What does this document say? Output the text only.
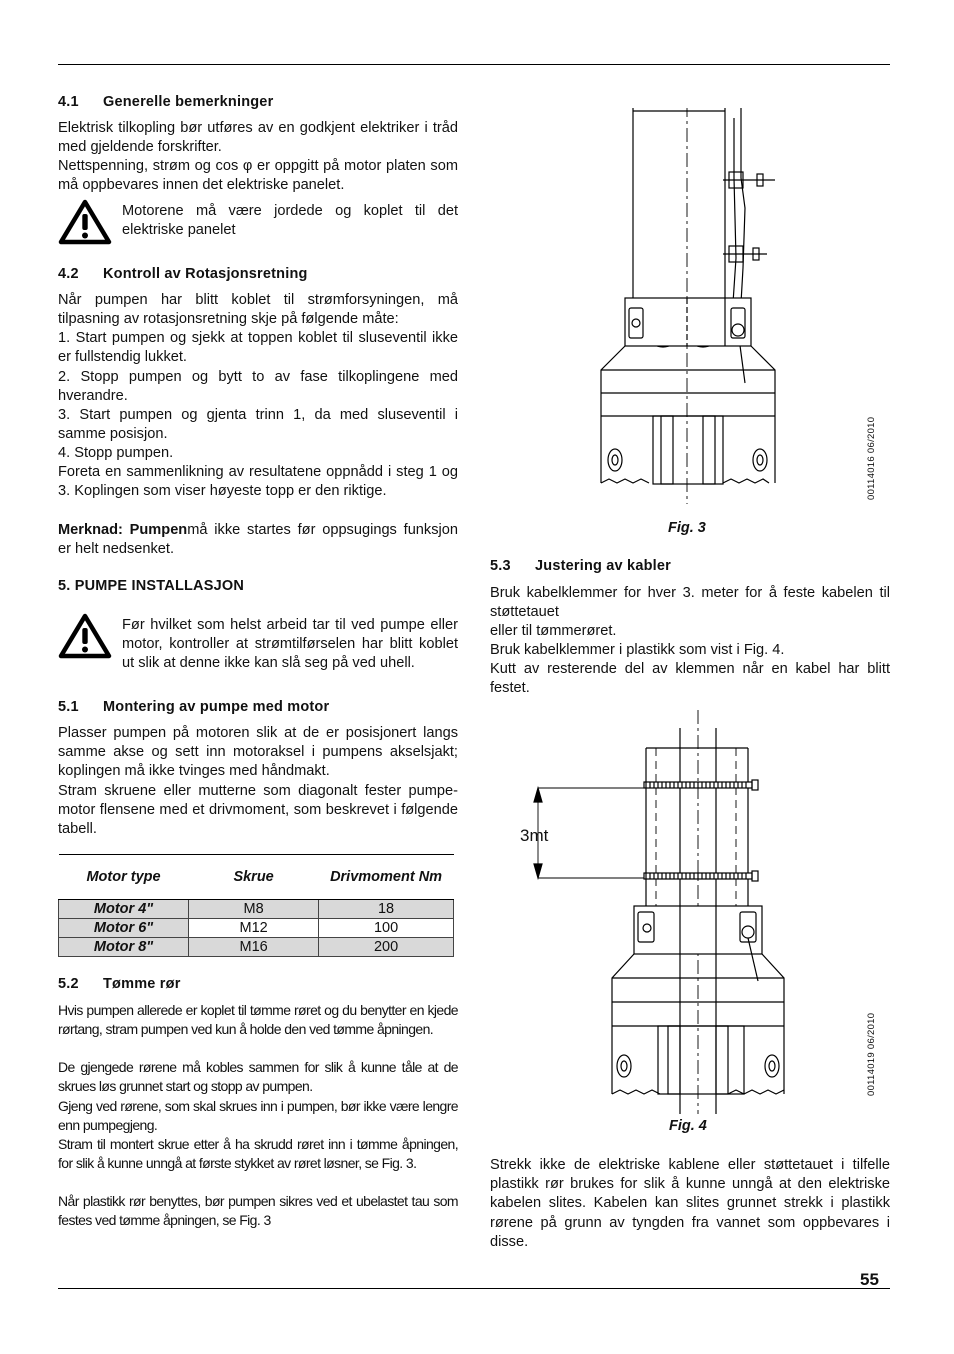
4.1 Generelle bemerkninger
Elektrisk tilkopling bør utføres av en godkjent elektriker i tråd med gjeldende forskrifter.
Nettspenning, strøm og cos φ er oppgitt på motor platen som må oppbevares innen det elektriske panelet.
Motorene må være jordede og koplet til det elektriske panelet
4.2 Kontroll av Rotasjonsretning
Når pumpen har blitt koblet til strømforsyningen, må tilpasning av rotasjonsretning skje på følgende måte:
1. Start pumpen og sjekk at toppen koblet til sluseventil ikke er fullstendig lukket.
2. Stopp pumpen og bytt to av fase tilkoplingene med hverandre.
3. Start pumpen og gjenta trinn 1, da med sluseventil i samme posisjon.
4. Stopp pumpen.
Foreta en sammenlikning av resultatene oppnådd i steg 1 og 3. Koplingen som viser høyeste topp er den riktige.
Merknad: Pumpenmå ikke startes før oppsugings funksjon er helt nedsenket.
5. PUMPE INSTALLASJON
Før hvilket som helst arbeid tar til ved pumpe eller motor, kontroller at strømtilførselen har blitt koblet ut slik at denne ikke kan slå seg på ved uhell.
5.1 Montering av pumpe med motor
Plasser pumpen på motoren slik at de er posisjonert langs samme akse og sett inn motoraksel i pumpens akselsjakt; koplingen må ikke tvinges med håndmakt.
Stram skruene eller mutterne som diagonalt fester pumpe-motor flensene med et drivmoment, som beskrevet i følgende tabell.
Motor type	Skrue	Drivmoment Nm
Motor 4"	M8	18
Motor 6"	M12	100
Motor 8"	M16	200
5.2 Tømme rør
Hvis pumpen allerede er koplet til tømme røret og du benytter en kjede rørtang, stram pumpen ved kun å holde den ved tømme åpningen.
De gjengede rørene må kobles sammen for slik å kunne tåle at de skrues løs grunnet start og stopp av pumpen.
Gjeng ved rørene, som skal skrues inn i pumpen, bør ikke være lengre enn pumpegjeng.
Stram til montert skrue etter å ha skrudd røret inn i tømme åpningen, for slik å kunne unngå at første stykket av røret løsner, se Fig. 3.
Når plastikk rør benyttes, bør pumpen sikres ved et ubelastet tau som festes ved tømme åpningen, se Fig. 3
00114016 06/2010
Fig. 3
5.3 Justering av kabler
Bruk kabelklemmer for hver 3. meter for å feste kabelen til støttetauet
eller til tømmerøret.
Bruk kabelklemmer i plastikk som vist i Fig. 4.
Kutt av resterende del av klemmen når en kabel har blitt festet.
3mt
00114019 06/2010
Fig. 4
Strekk ikke de elektriske kablene eller støttetauet i tilfelle plastikk rør brukes for slik å kunne unngå at den elektriske kabelen slites. Kabelen kan slites grunnet strekk i plastikk rørene på grunn av tyngden fra vannet som oppbevares i disse.
55
